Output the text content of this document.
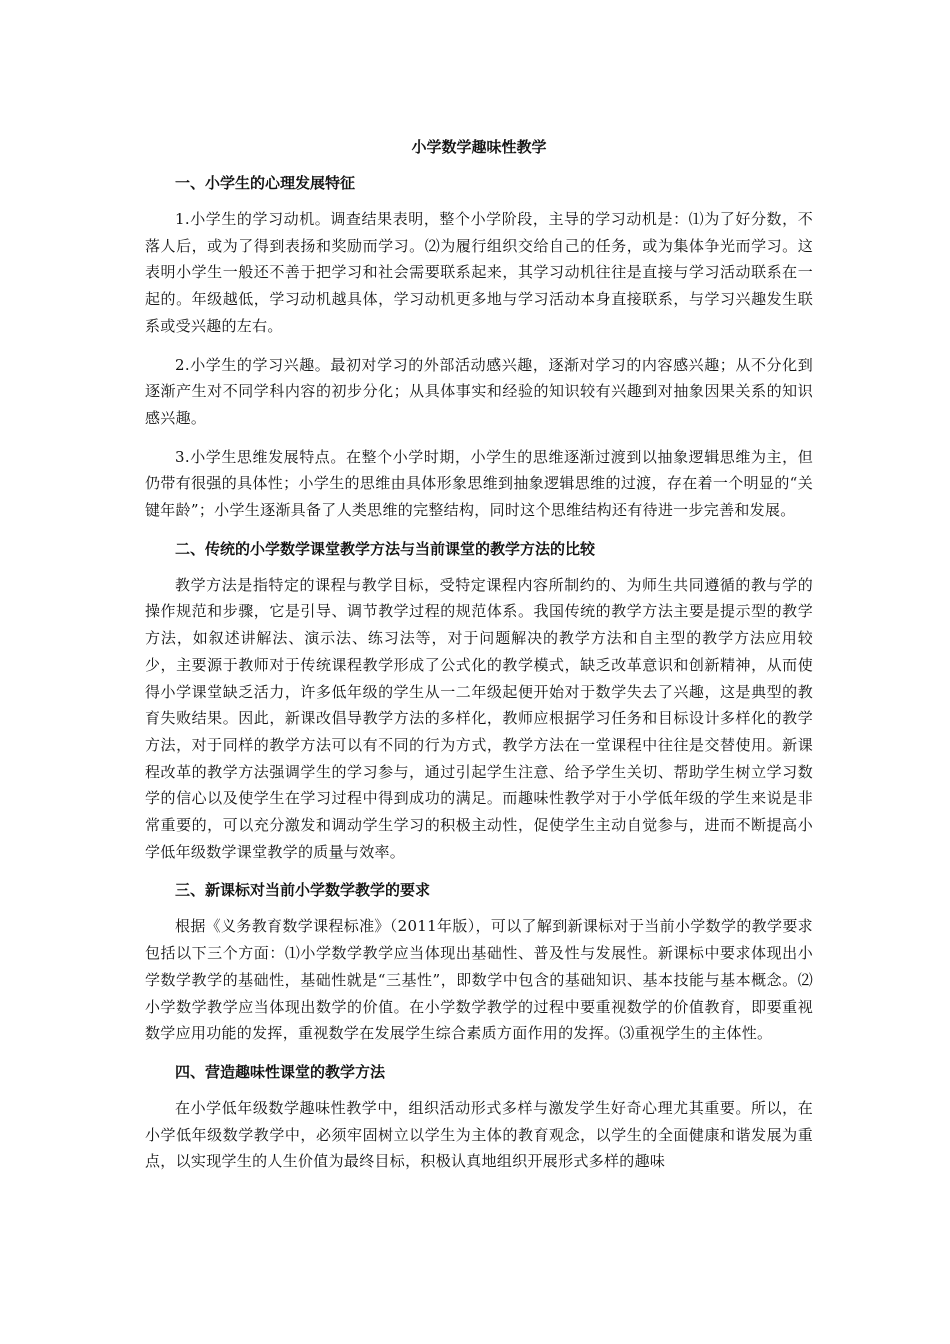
小学数学趣味性教学
一、小学生的心理发展特征

1.小学生的学习动机。调查结果表明，整个小学阶段，主导的学习动机是：⑴为了好分数，不落人后，或为了得到表扬和奖励而学习。⑵为履行组织交给自己的任务，或为集体争光而学习。这表明小学生一般还不善于把学习和社会需要联系起来，其学习动机往往是直接与学习活动联系在一起的。年级越低，学习动机越具体，学习动机更多地与学习活动本身直接联系，与学习兴趣发生联系或受兴趣的左右。

2.小学生的学习兴趣。最初对学习的外部活动感兴趣，逐渐对学习的内容感兴趣；从不分化到逐渐产生对不同学科内容的初步分化；从具体事实和经验的知识较有兴趣到对抽象因果关系的知识感兴趣。

3.小学生思维发展特点。在整个小学时期，小学生的思维逐渐过渡到以抽象逻辑思维为主，但仍带有很强的具体性；小学生的思维由具体形象思维到抽象逻辑思维的过渡，存在着一个明显的“关键年龄”；小学生逐渐具备了人类思维的完整结构，同时这个思维结构还有待进一步完善和发展。

二、传统的小学数学课堂教学方法与当前课堂的教学方法的比较

教学方法是指特定的课程与教学目标，受特定课程内容所制约的、为师生共同遵循的教与学的操作规范和步骤，它是引导、调节教学过程的规范体系。我国传统的教学方法主要是提示型的教学方法，如叙述讲解法、演示法、练习法等，对于问题解决的教学方法和自主型的教学方法应用较少，主要源于教师对于传统课程教学形成了公式化的教学模式，缺乏改革意识和创新精神，从而使得小学课堂缺乏活力，许多低年级的学生从一二年级起便开始对于数学失去了兴趣，这是典型的教育失败结果。因此，新课改倡导教学方法的多样化，教师应根据学习任务和目标设计多样化的教学方法，对于同样的教学方法可以有不同的行为方式，教学方法在一堂课程中往往是交替使用。新课程改革的教学方法强调学生的学习参与，通过引起学生注意、给予学生关切、帮助学生树立学习数学的信心以及使学生在学习过程中得到成功的满足。而趣味性教学对于小学低年级的学生来说是非常重要的，可以充分激发和调动学生学习的积极主动性，促使学生主动自觉参与，进而不断提高小学低年级数学课堂教学的质量与效率。

三、新课标对当前小学数学教学的要求

根据《义务教育数学课程标准》（2011年版），可以了解到新课标对于当前小学数学的教学要求包括以下三个方面：⑴小学数学教学应当体现出基础性、普及性与发展性。新课标中要求体现出小学数学教学的基础性，基础性就是“三基性”，即数学中包含的基础知识、基本技能与基本概念。⑵小学数学教学应当体现出数学的价值。在小学数学教学的过程中要重视数学的价值教育，即要重视数学应用功能的发挥，重视数学在发展学生综合素质方面作用的发挥。⑶重视学生的主体性。

四、营造趣味性课堂的教学方法

在小学低年级数学趣味性教学中，组织活动形式多样与激发学生好奇心理尤其重要。所以，在小学低年级数学教学中，必须牢固树立以学生为主体的教育观念，以学生的全面健康和谐发展为重点，以实现学生的人生价值为最终目标，积极认真地组织开展形式多样的趣味
